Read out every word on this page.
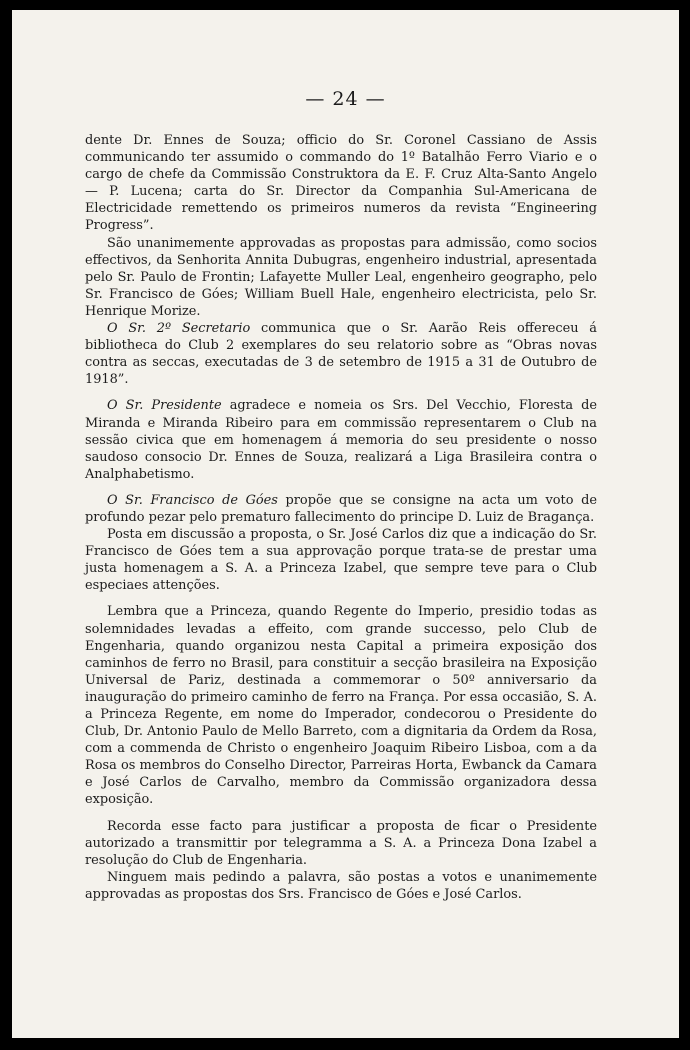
— 24 —

dente Dr. Ennes de Souza; officio do Sr. Coronel Cassiano de Assis communicando ter assumido o commando do 1º Batalhão Ferro Viario e o cargo de chefe da Commissão Construktora da E. F. Cruz Alta-Santo Angelo — P. Lucena; carta do Sr. Director da Companhia Sul-Americana de Electricidade remettendo os primeiros numeros da revista “Engineering Progress”.

São unanimemente approvadas as propostas para admissão, como socios effectivos, da Senhorita Annita Dubugras, engenheiro industrial, apresentada pelo Sr. Paulo de Frontin; Lafayette Muller Leal, engenheiro geographo, pelo Sr. Francisco de Góes; William Buell Hale, engenheiro electricista, pelo Sr. Henrique Morize.

O Sr. 2º Secretario communica que o Sr. Aarão Reis offereceu á bibliotheca do Club 2 exemplares do seu relatorio sobre as “Obras novas contra as seccas, executadas de 3 de setembro de 1915 a 31 de Outubro de 1918”.

O Sr. Presidente agradece e nomeia os Srs. Del Vecchio, Floresta de Miranda e Miranda Ribeiro para em commissão representarem o Club na sessão civica que em homenagem á memoria do seu presidente o nosso saudoso consocio Dr. Ennes de Souza, realizará a Liga Brasileira contra o Analphabetismo.

O Sr. Francisco de Góes propõe que se consigne na acta um voto de profundo pezar pelo prematuro fallecimento do principe D. Luiz de Bragança.

Posta em discussão a proposta, o Sr. José Carlos diz que a indicação do Sr. Francisco de Góes tem a sua approvação porque trata-se de prestar uma justa homenagem a S. A. a Princeza Izabel, que sempre teve para o Club especiaes attenções.

Lembra que a Princeza, quando Regente do Imperio, presidio todas as solemnidades levadas a effeito, com grande successo, pelo Club de Engenharia, quando organizou nesta Capital a primeira exposição dos caminhos de ferro no Brasil, para constituir a secção brasileira na Exposição Universal de Pariz, destinada a commemorar o 50º anniversario da inauguração do primeiro caminho de ferro na França. Por essa occasião, S. A. a Princeza Regente, em nome do Imperador, condecorou o Presidente do Club, Dr. Antonio Paulo de Mello Barreto, com a dignitaria da Ordem da Rosa, com a commenda de Christo o engenheiro Joaquim Ribeiro Lisboa, com a da Rosa os membros do Conselho Director, Parreiras Horta, Ewbanck da Camara e José Carlos de Carvalho, membro da Commissão organizadora dessa exposição.

Recorda esse facto para justificar a proposta de ficar o Presidente autorizado a transmittir por telegramma a S. A. a Princeza Dona Izabel a resolução do Club de Engenharia.

Ninguem mais pedindo a palavra, são postas a votos e unanimemente approvadas as propostas dos Srs. Francisco de Góes e José Carlos.
